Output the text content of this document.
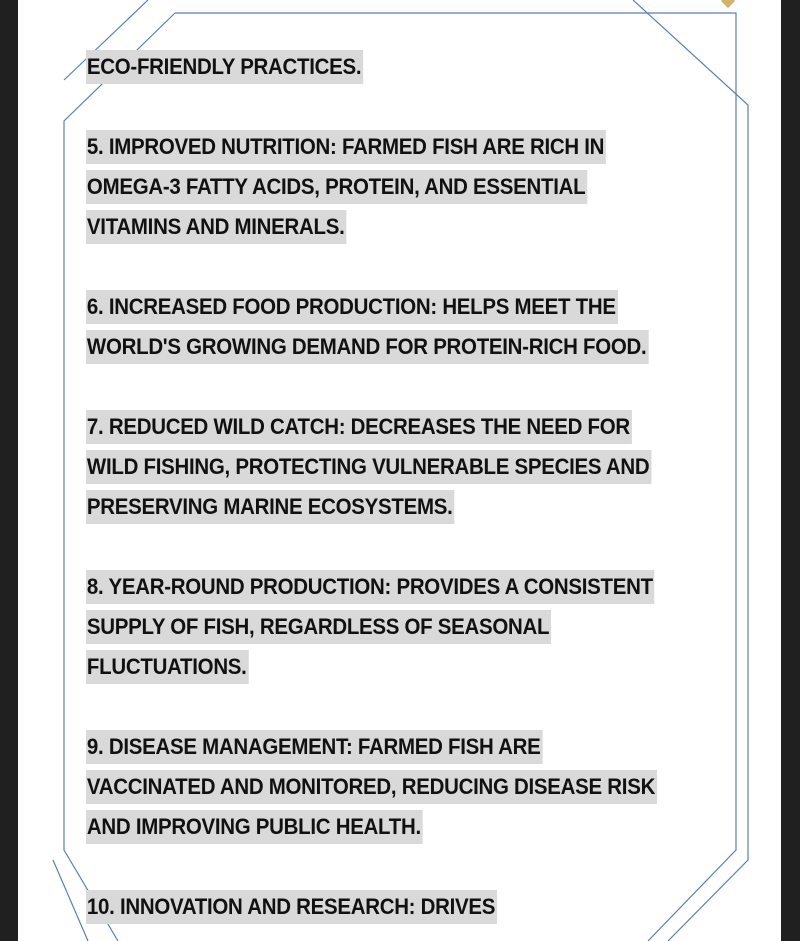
ECO-FRIENDLY PRACTICES.
5. IMPROVED NUTRITION: FARMED FISH ARE RICH IN
OMEGA-3 FATTY ACIDS, PROTEIN, AND ESSENTIAL
VITAMINS AND MINERALS.
6. INCREASED FOOD PRODUCTION: HELPS MEET THE
WORLD'S GROWING DEMAND FOR PROTEIN-RICH FOOD.
7. REDUCED WILD CATCH: DECREASES THE NEED FOR
WILD FISHING, PROTECTING VULNERABLE SPECIES AND
PRESERVING MARINE ECOSYSTEMS.
8. YEAR-ROUND PRODUCTION: PROVIDES A CONSISTENT
SUPPLY OF FISH, REGARDLESS OF SEASONAL
FLUCTUATIONS.
9. DISEASE MANAGEMENT: FARMED FISH ARE
VACCINATED AND MONITORED, REDUCING DISEASE RISK
AND IMPROVING PUBLIC HEALTH.
10. INNOVATION AND RESEARCH: DRIVES
